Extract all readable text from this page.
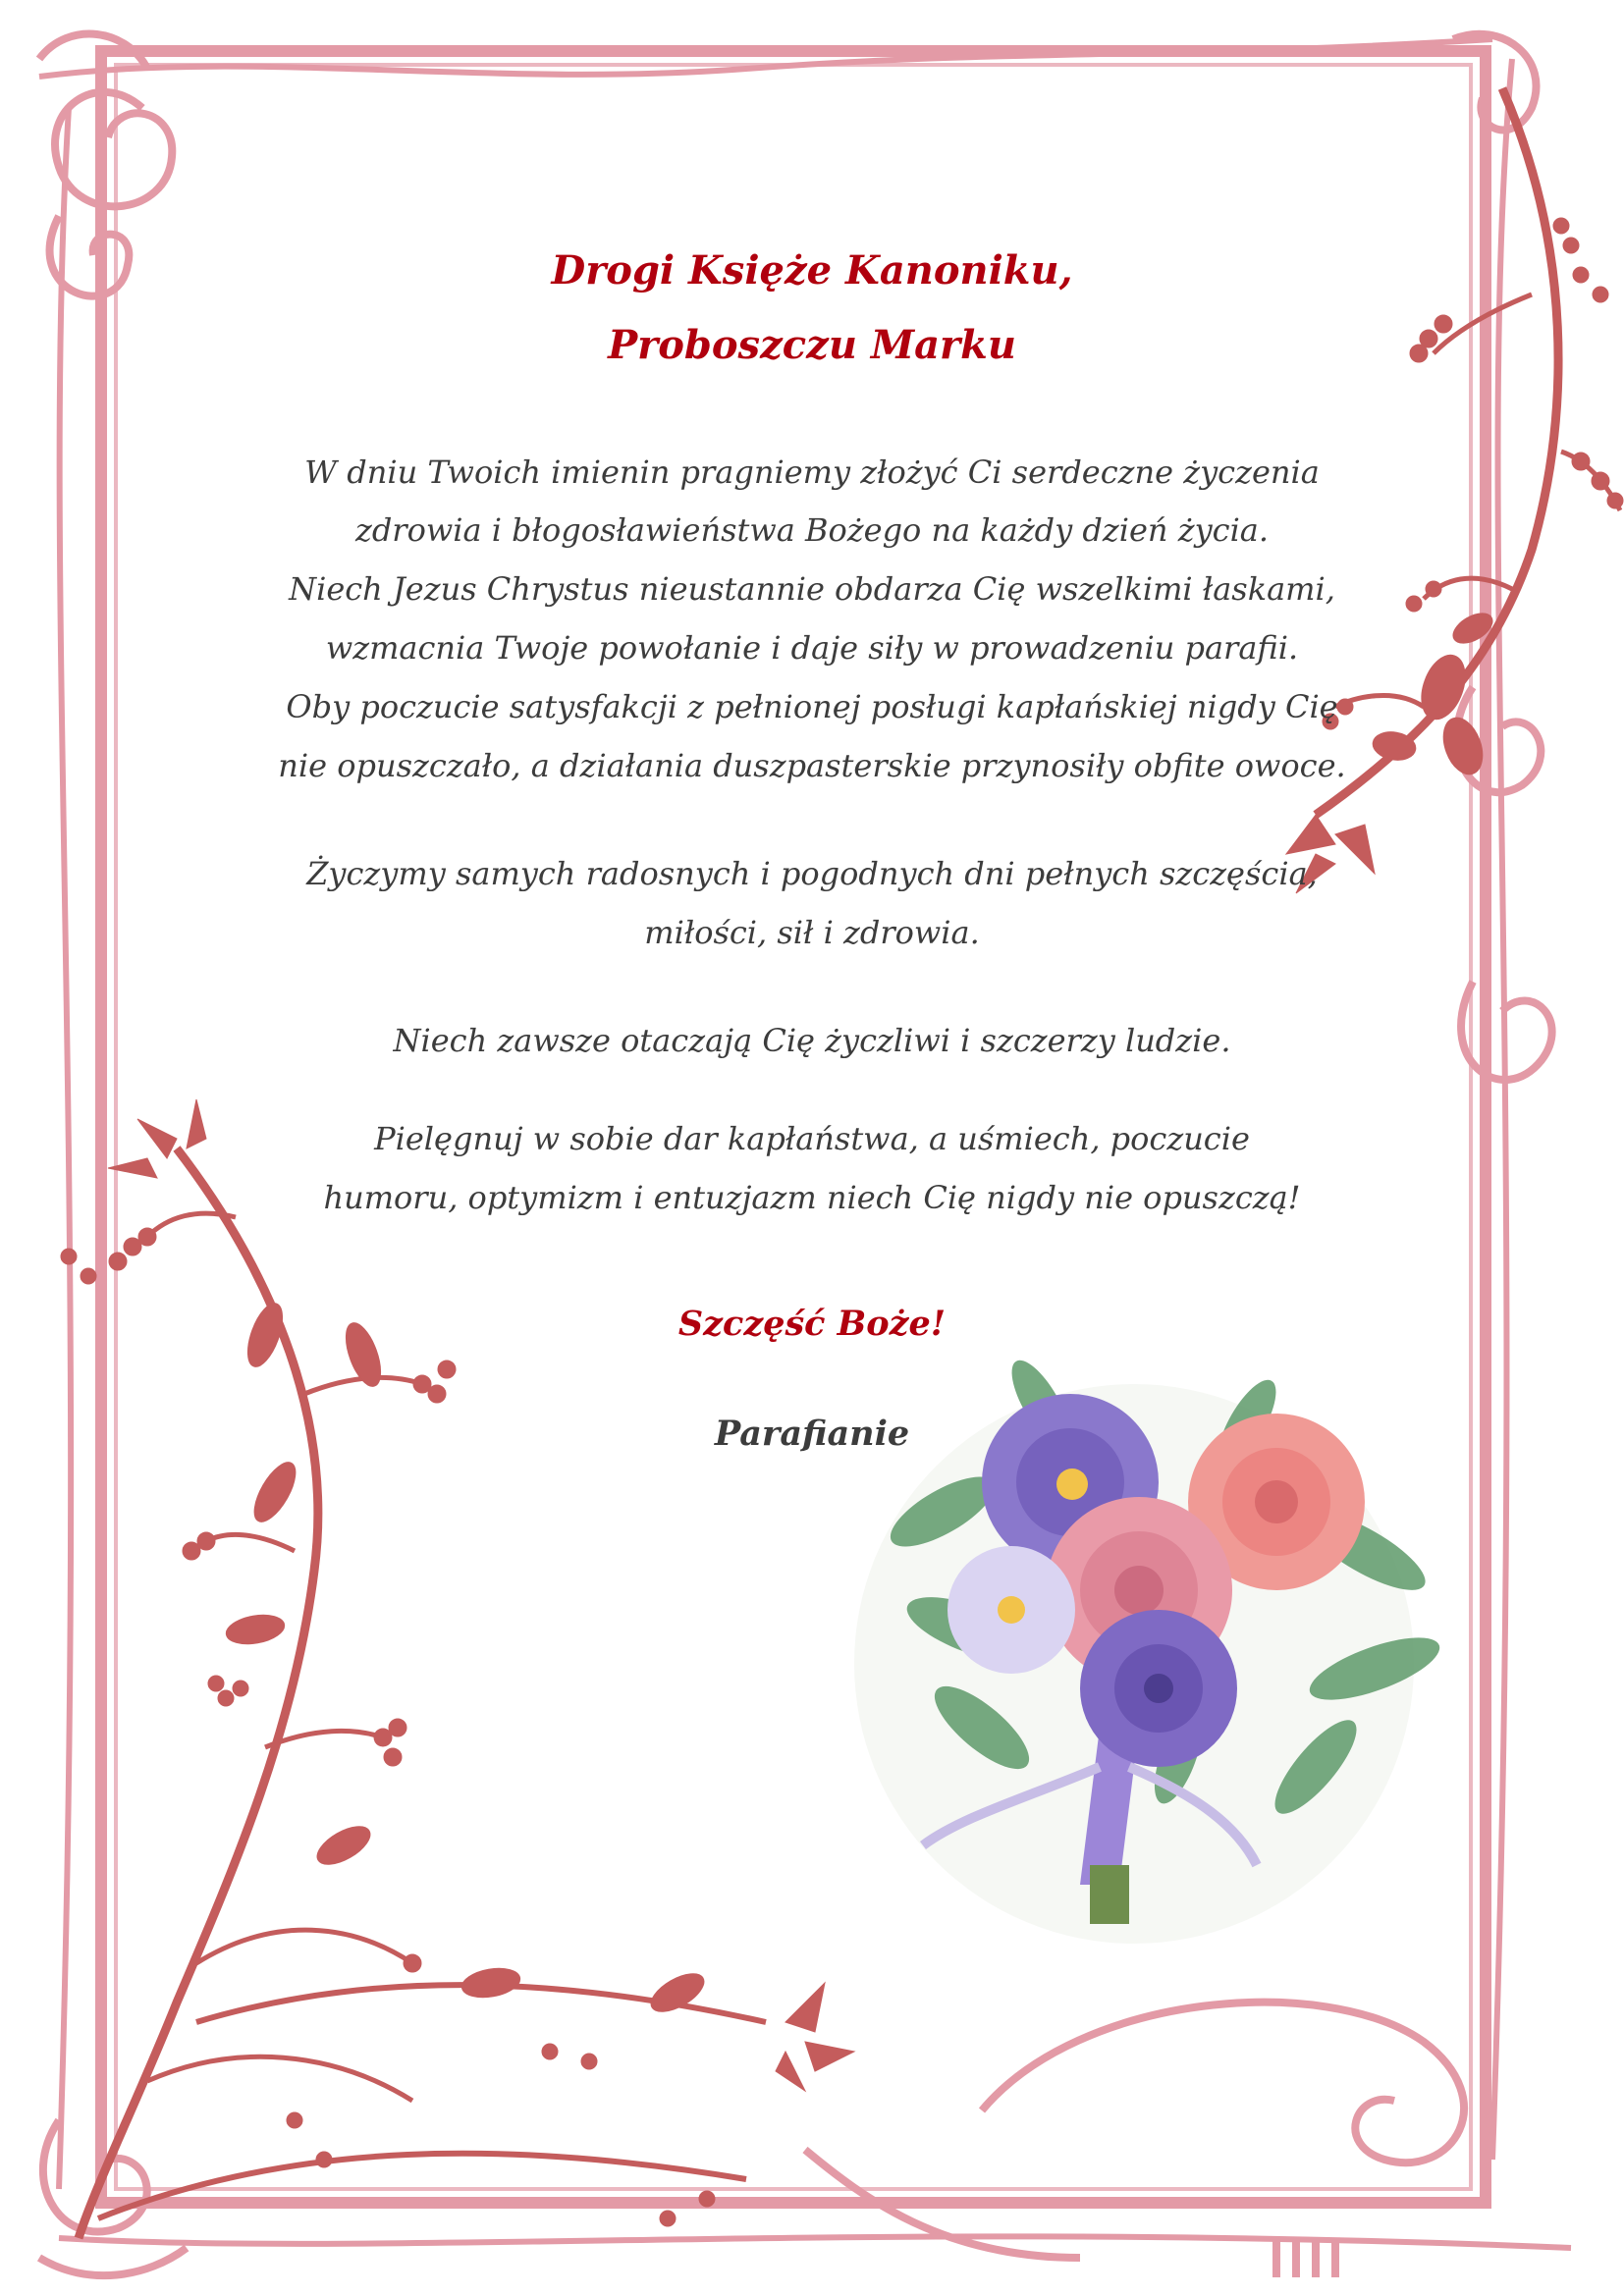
Drogi Księże Kanoniku,
Proboszczu Marku
W dniu Twoich imienin pragniemy złożyć Ci serdeczne życzenia
zdrowia i błogosławieństwa Bożego na każdy dzień życia.
Niech Jezus Chrystus nieustannie obdarza Cię wszelkimi łaskami,
wzmacnia Twoje powołanie i daje siły w prowadzeniu parafii.
Oby poczucie satysfakcji z pełnionej posługi kapłańskiej nigdy Cię
nie opuszczało, a działania duszpasterskie przynosiły obfite owoce.
Życzymy samych radosnych i pogodnych dni pełnych szczęścia,
miłości, sił i zdrowia.
Niech zawsze otaczają Cię życzliwi i szczerzy ludzie.
Pielęgnuj w sobie dar kapłaństwa, a uśmiech, poczucie
humoru, optymizm i entuzjazm niech Cię nigdy nie opuszczą!
Szczęść Boże!
Parafianie
